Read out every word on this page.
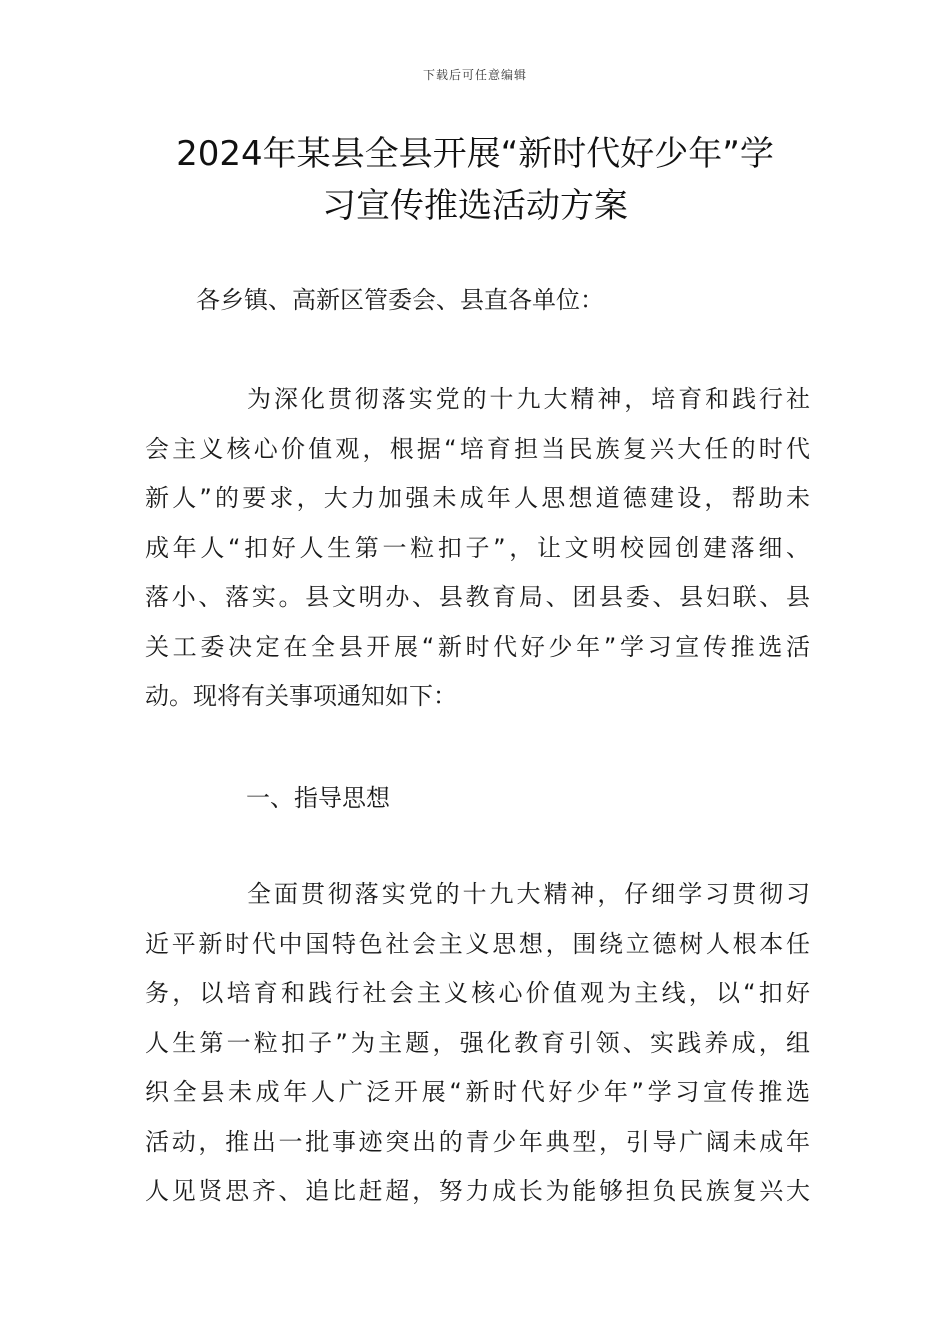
下载后可任意编辑
2024年某县全县开展“新时代好少年”学
习宣传推选活动方案
各乡镇、高新区管委会、县直各单位：
为深化贯彻落实党的十九大精神，培育和践行社
会主义核心价值观，根据“培育担当民族复兴大任的时代
新人”的要求，大力加强未成年人思想道德建设，帮助未
成年人“扣好人生第一粒扣子”，让文明校园创建落细、
落小、落实。县文明办、县教育局、团县委、县妇联、县
关工委决定在全县开展“新时代好少年”学习宣传推选活
动。现将有关事项通知如下：
一、指导思想
全面贯彻落实党的十九大精神，仔细学习贯彻习
近平新时代中国特色社会主义思想，围绕立德树人根本任
务，以培育和践行社会主义核心价值观为主线，以“扣好
人生第一粒扣子”为主题，强化教育引领、实践养成，组
织全县未成年人广泛开展“新时代好少年”学习宣传推选
活动，推出一批事迹突出的青少年典型，引导广阔未成年
人见贤思齐、追比赶超，努力成长为能够担负民族复兴大
